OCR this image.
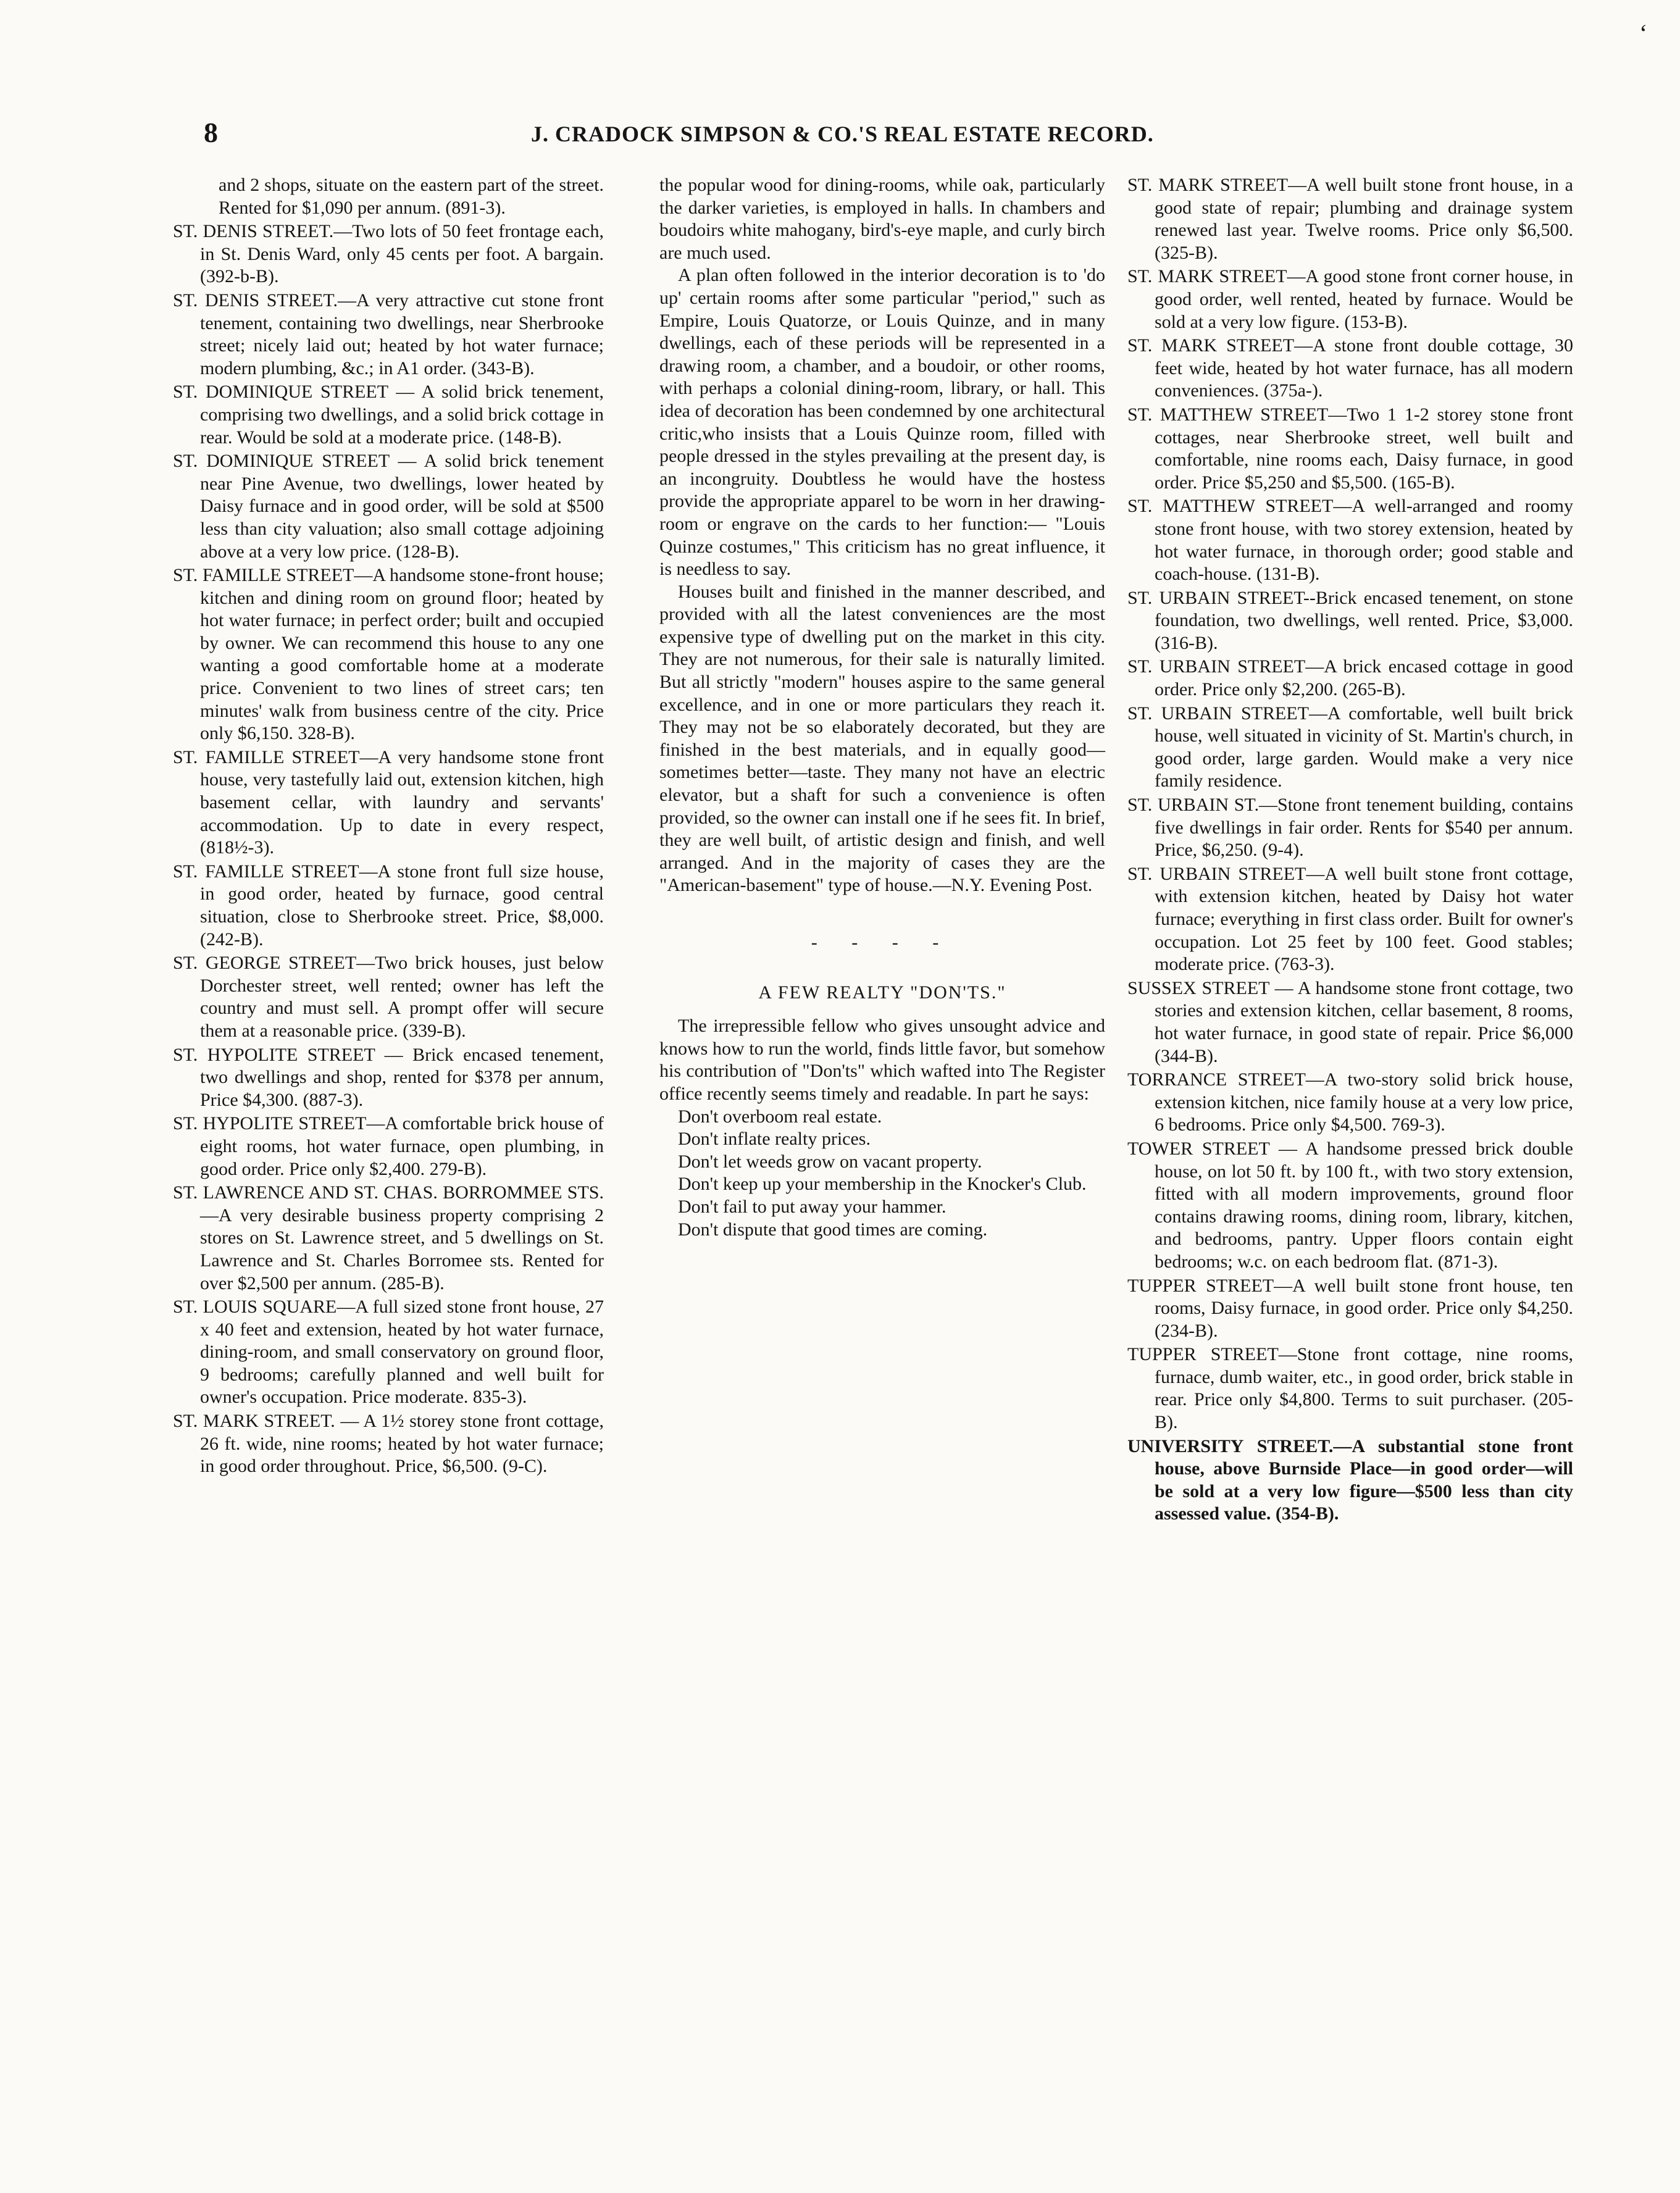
‘
8	J. CRADOCK SIMPSON & CO.'S REAL ESTATE RECORD.

and 2 shops, situate on the eastern part of the street. Rented for $1,090 per annum. (891-3).

ST. DENIS STREET.—Two lots of 50 feet frontage each, in St. Denis Ward, only 45 cents per foot. A bargain. (392-b-B).

ST. DENIS STREET.—A very attractive cut stone front tenement, containing two dwellings, near Sherbrooke street; nicely laid out; heated by hot water furnace; modern plumbing, &c.; in A1 order. (343-B).

ST. DOMINIQUE STREET — A solid brick tenement, comprising two dwellings, and a solid brick cottage in rear. Would be sold at a moderate price. (148-B).

ST. DOMINIQUE STREET — A solid brick tenement near Pine Avenue, two dwellings, lower heated by Daisy furnace and in good order, will be sold at $500 less than city valuation; also small cottage adjoining above at a very low price. (128-B).

ST. FAMILLE STREET—A handsome stone-front house; kitchen and dining room on ground floor; heated by hot water furnace; in perfect order; built and occupied by owner. We can recommend this house to any one wanting a good comfortable home at a moderate price. Convenient to two lines of street cars; ten minutes' walk from business centre of the city. Price only $6,150. 328-B).

ST. FAMILLE STREET—A very handsome stone front house, very tastefully laid out, extension kitchen, high basement cellar, with laundry and servants' accommodation. Up to date in every respect, (818½-3).

ST. FAMILLE STREET—A stone front full size house, in good order, heated by furnace, good central situation, close to Sherbrooke street. Price, $8,000. (242-B).

ST. GEORGE STREET—Two brick houses, just below Dorchester street, well rented; owner has left the country and must sell. A prompt offer will secure them at a reasonable price. (339-B).

ST. HYPOLITE STREET — Brick encased tenement, two dwellings and shop, rented for $378 per annum, Price $4,300. (887-3).

ST. HYPOLITE STREET—A comfortable brick house of eight rooms, hot water furnace, open plumbing, in good order. Price only $2,400. 279-B).

ST. LAWRENCE AND ST. CHAS. BORROMMEE STS.—A very desirable business property comprising 2 stores on St. Lawrence street, and 5 dwellings on St. Lawrence and St. Charles Borromee sts. Rented for over $2,500 per annum. (285-B).

ST. LOUIS SQUARE—A full sized stone front house, 27 x 40 feet and extension, heated by hot water furnace, dining-room, and small conservatory on ground floor, 9 bedrooms; carefully planned and well built for owner's occupation. Price moderate. 835-3).

ST. MARK STREET. — A 1½ storey stone front cottage, 26 ft. wide, nine rooms; heated by hot water furnace; in good order throughout. Price, $6,500. (9-C).

the popular wood for dining-rooms, while oak, particularly the darker varieties, is employed in halls. In chambers and boudoirs white mahogany, bird's-eye maple, and curly birch are much used.

A plan often followed in the interior decoration is to 'do up' certain rooms after some particular "period," such as Empire, Louis Quatorze, or Louis Quinze, and in many dwellings, each of these periods will be represented in a drawing room, a chamber, and a boudoir, or other rooms, with perhaps a colonial dining-room, library, or hall. This idea of decoration has been condemned by one architectural critic,who insists that a Louis Quinze room, filled with people dressed in the styles prevailing at the present day, is an incongruity. Doubtless he would have the hostess provide the appropriate apparel to be worn in her drawing-room or engrave on the cards to her function:— "Louis Quinze costumes," This criticism has no great influence, it is needless to say.

Houses built and finished in the manner described, and provided with all the latest conveniences are the most expensive type of dwelling put on the market in this city. They are not numerous, for their sale is naturally limited. But all strictly "modern" houses aspire to the same general excellence, and in one or more particulars they reach it. They may not be so elaborately decorated, but they are finished in the best materials, and in equally good—sometimes better—taste. They many not have an electric elevator, but a shaft for such a convenience is often provided, so the owner can install one if he sees fit. In brief, they are well built, of artistic design and finish, and well arranged. And in the majority of cases they are the "American-basement" type of house.—N.Y. Evening Post.

- - - -
A FEW REALTY "DON'TS."

The irrepressible fellow who gives unsought advice and knows how to run the world, finds little favor, but somehow his contribution of "Don'ts" which wafted into The Register office recently seems timely and readable. In part he says:

Don't overboom real estate.

Don't inflate realty prices.

Don't let weeds grow on vacant property.

Don't keep up your membership in the Knocker's Club.

Don't fail to put away your hammer.

Don't dispute that good times are coming.

ST. MARK STREET—A well built stone front house, in a good state of repair; plumbing and drainage system renewed last year. Twelve rooms. Price only $6,500. (325-B).

ST. MARK STREET—A good stone front corner house, in good order, well rented, heated by furnace. Would be sold at a very low figure. (153-B).

ST. MARK STREET—A stone front double cottage, 30 feet wide, heated by hot water furnace, has all modern conveniences. (375a-).

ST. MATTHEW STREET—Two 1 1-2 storey stone front cottages, near Sherbrooke street, well built and comfortable, nine rooms each, Daisy furnace, in good order. Price $5,250 and $5,500. (165-B).

ST. MATTHEW STREET—A well-arranged and roomy stone front house, with two storey extension, heated by hot water furnace, in thorough order; good stable and coach-house. (131-B).

ST. URBAIN STREET--Brick encased tenement, on stone foundation, two dwellings, well rented. Price, $3,000. (316-B).

ST. URBAIN STREET—A brick encased cottage in good order. Price only $2,200. (265-B).

ST. URBAIN STREET—A comfortable, well built brick house, well situated in vicinity of St. Martin's church, in good order, large garden. Would make a very nice family residence.

ST. URBAIN ST.—Stone front tenement building, contains five dwellings in fair order. Rents for $540 per annum. Price, $6,250. (9-4).

ST. URBAIN STREET—A well built stone front cottage, with extension kitchen, heated by Daisy hot water furnace; everything in first class order. Built for owner's occupation. Lot 25 feet by 100 feet. Good stables; moderate price. (763-3).

SUSSEX STREET — A handsome stone front cottage, two stories and extension kitchen, cellar basement, 8 rooms, hot water furnace, in good state of repair. Price $6,000 (344-B).

TORRANCE STREET—A two-story solid brick house, extension kitchen, nice family house at a very low price, 6 bedrooms. Price only $4,500. 769-3).

TOWER STREET — A handsome pressed brick double house, on lot 50 ft. by 100 ft., with two story extension, fitted with all modern improvements, ground floor contains drawing rooms, dining room, library, kitchen, and bedrooms, pantry. Upper floors contain eight bedrooms; w.c. on each bedroom flat. (871-3).

TUPPER STREET—A well built stone front house, ten rooms, Daisy furnace, in good order. Price only $4,250. (234-B).

TUPPER STREET—Stone front cottage, nine rooms, furnace, dumb waiter, etc., in good order, brick stable in rear. Price only $4,800. Terms to suit purchaser. (205-B).

UNIVERSITY STREET.—A substantial stone front house, above Burnside Place—in good order—will be sold at a very low figure—$500 less than city assessed value. (354-B).
